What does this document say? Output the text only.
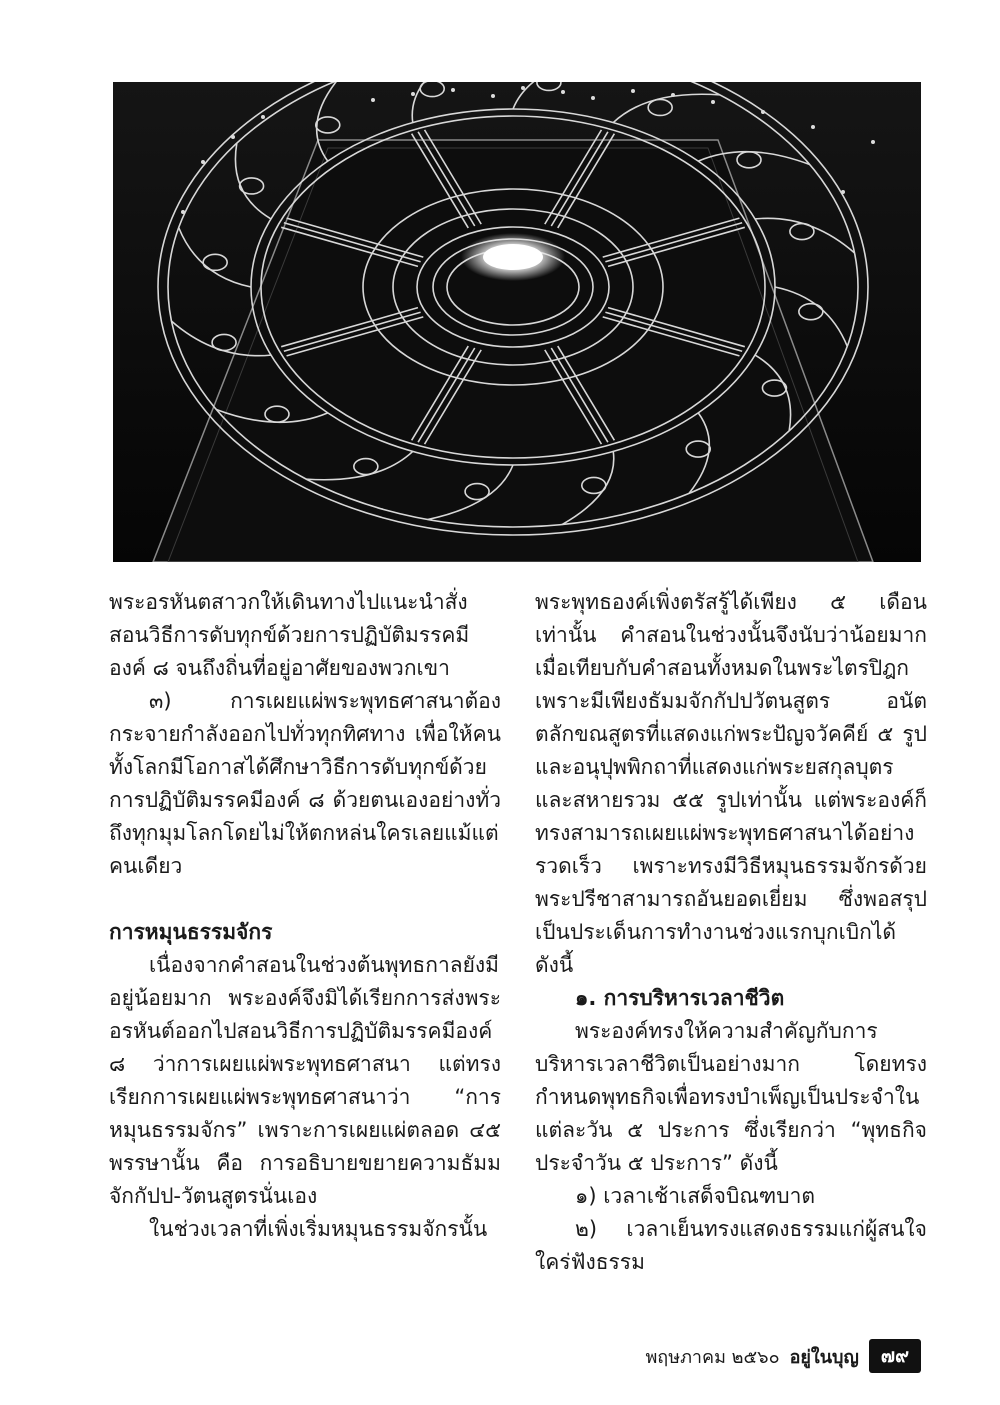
พระอรหันตสาวกให้เดินทางไปแนะนำสั่งสอนวิธีการดับทุกข์ด้วยการปฏิบัติมรรคมีองค์ ๘ จนถึงถิ่นที่อยู่อาศัยของพวกเขา

๓) การเผยแผ่พระพุทธศาสนาต้องกระจายกำลังออกไปทั่วทุกทิศทาง เพื่อให้คนทั้งโลกมีโอกาสได้ศึกษาวิธีการดับทุกข์ด้วยการปฏิบัติมรรคมีองค์ ๘ ด้วยตนเองอย่างทั่วถึงทุกมุมโลกโดยไม่ให้ตกหล่นใครเลยแม้แต่คนเดียว

การหมุนธรรมจักร

เนื่องจากคำสอนในช่วงต้นพุทธกาลยังมีอยู่น้อยมาก พระองค์จึงมิได้เรียกการส่งพระอรหันต์ออกไปสอนวิธีการปฏิบัติมรรคมีองค์ ๘ ว่าการเผยแผ่พระพุทธศาสนา แต่ทรงเรียกการเผยแผ่พระพุทธศาสนาว่า “การหมุนธรรมจักร” เพราะการเผยแผ่ตลอด ๔๕ พรรษานั้น คือ การอธิบายขยายความธัมมจักกัปป-วัตนสูตรนั่นเอง

ในช่วงเวลาที่เพิ่งเริ่มหมุนธรรมจักรนั้น

พระพุทธองค์เพิ่งตรัสรู้ได้เพียง ๕ เดือนเท่านั้น คำสอนในช่วงนั้นจึงนับว่าน้อยมาก เมื่อเทียบกับคำสอนทั้งหมดในพระไตรปิฎก เพราะมีเพียงธัมมจักกัปปวัตนสูตร อนัตตลักขณสูตรที่แสดงแก่พระปัญจวัคคีย์ ๕ รูป และอนุปุพพิกถาที่แสดงแก่พระยสกุลบุตรและสหายรวม ๕๕ รูปเท่านั้น แต่พระองค์ก็ทรงสามารถเผยแผ่พระพุทธศาสนาได้อย่างรวดเร็ว เพราะทรงมีวิธีหมุนธรรมจักรด้วยพระปรีชาสามารถอันยอดเยี่ยม ซึ่งพอสรุปเป็นประเด็นการทำงานช่วงแรกบุกเบิกได้ดังนี้

๑. การบริหารเวลาชีวิต

พระองค์ทรงให้ความสำคัญกับการบริหารเวลาชีวิตเป็นอย่างมาก โดยทรงกำหนดพุทธกิจเพื่อทรงบำเพ็ญเป็นประจำในแต่ละวัน ๕ ประการ ซึ่งเรียกว่า “พุทธกิจประจำวัน ๕ ประการ” ดังนี้

๑) เวลาเช้าเสด็จบิณฑบาต

๒) เวลาเย็นทรงแสดงธรรมแก่ผู้สนใจใคร่ฟังธรรม

พฤษภาคม ๒๕๖๐ อยู่ในบุญ	๗๙
